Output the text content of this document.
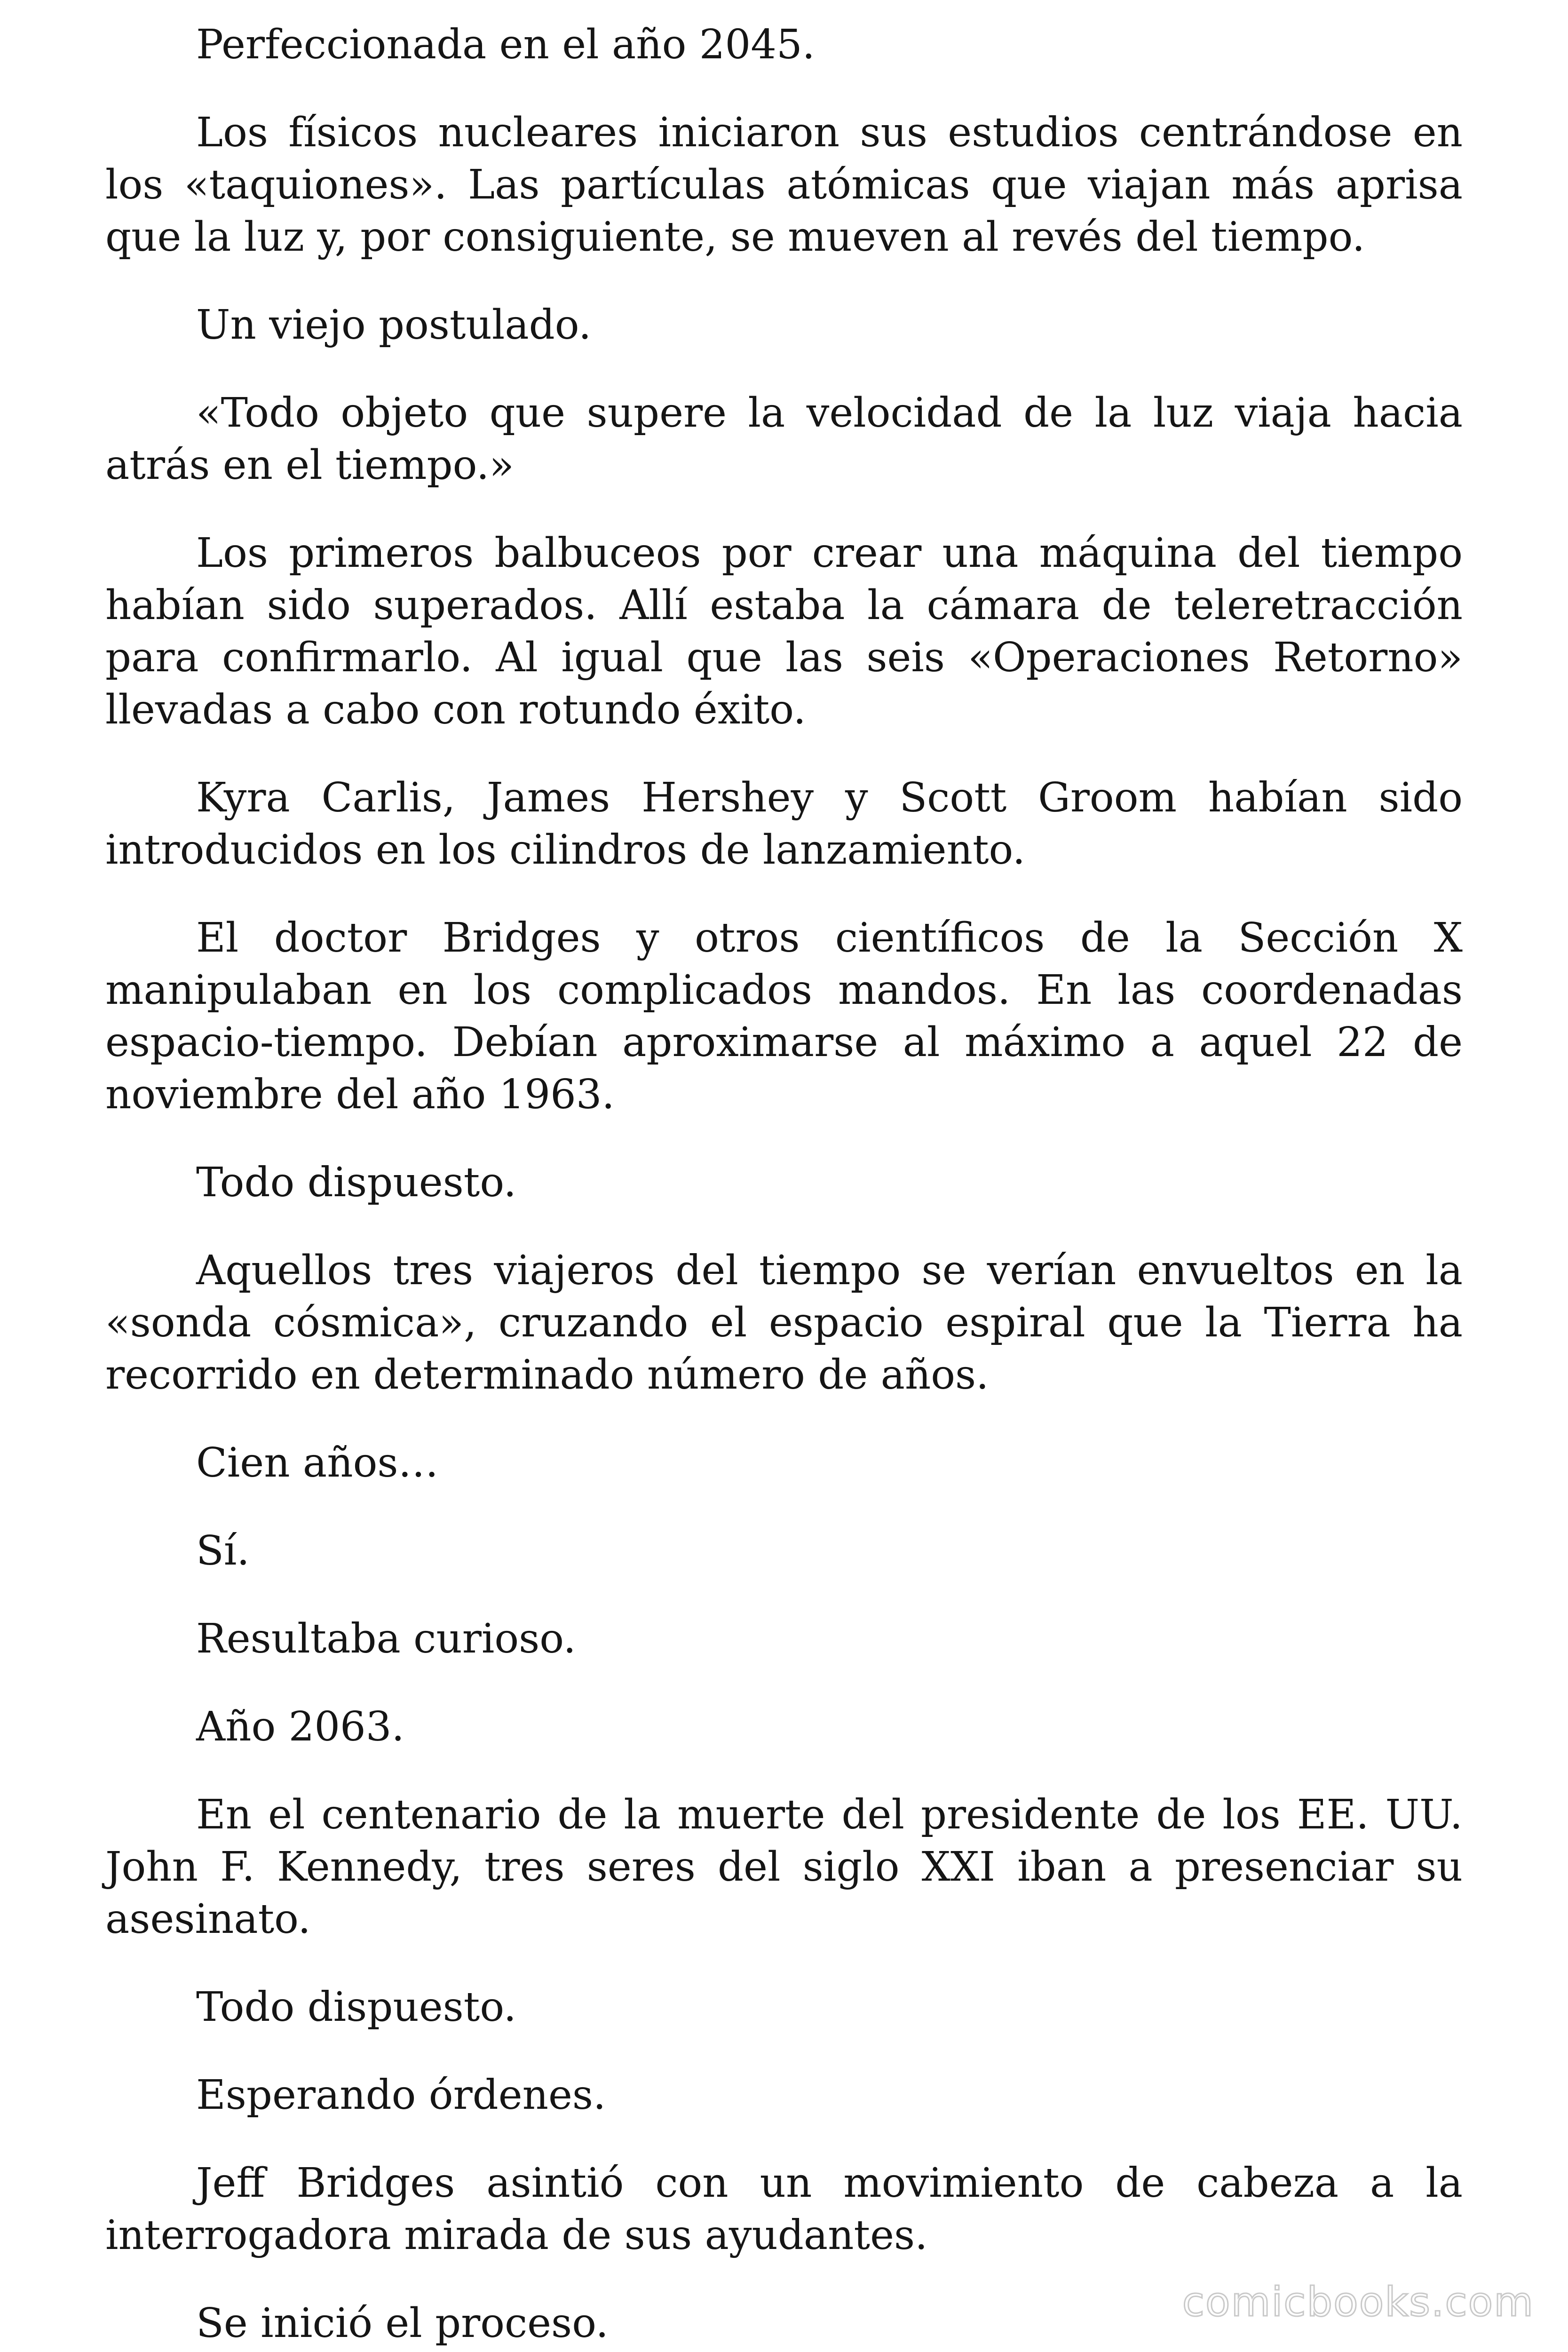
Perfeccionada en el año 2045.

Los físicos nucleares iniciaron sus estudios centrándose en los «taquiones». Las partículas atómicas que viajan más aprisa que la luz y, por consiguiente, se mueven al revés del tiempo.

Un viejo postulado.

«Todo objeto que supere la velocidad de la luz viaja hacia atrás en el tiempo.»

Los primeros balbuceos por crear una máquina del tiempo habían sido superados. Allí estaba la cámara de teleretracción para confirmarlo. Al igual que las seis «Operaciones Retorno» llevadas a cabo con rotundo éxito.

Kyra Carlis, James Hershey y Scott Groom habían sido introducidos en los cilindros de lanzamiento.

El doctor Bridges y otros científicos de la Sección X manipulaban en los complicados mandos. En las coordenadas espacio-tiempo. Debían aproximarse al máximo a aquel 22 de noviembre del año 1963.

Todo dispuesto.

Aquellos tres viajeros del tiempo se verían envueltos en la «sonda cósmica», cruzando el espacio espiral que la Tierra ha recorrido en determinado número de años.

Cien años…

Sí.

Resultaba curioso.

Año 2063.

En el centenario de la muerte del presidente de los EE. UU. John F. Kennedy, tres seres del siglo XXI iban a presenciar su asesinato.

Todo dispuesto.

Esperando órdenes.

Jeff Bridges asintió con un movimiento de cabeza a la interrogadora mirada de sus ayudantes.

Se inició el proceso.	comicbooks.com
